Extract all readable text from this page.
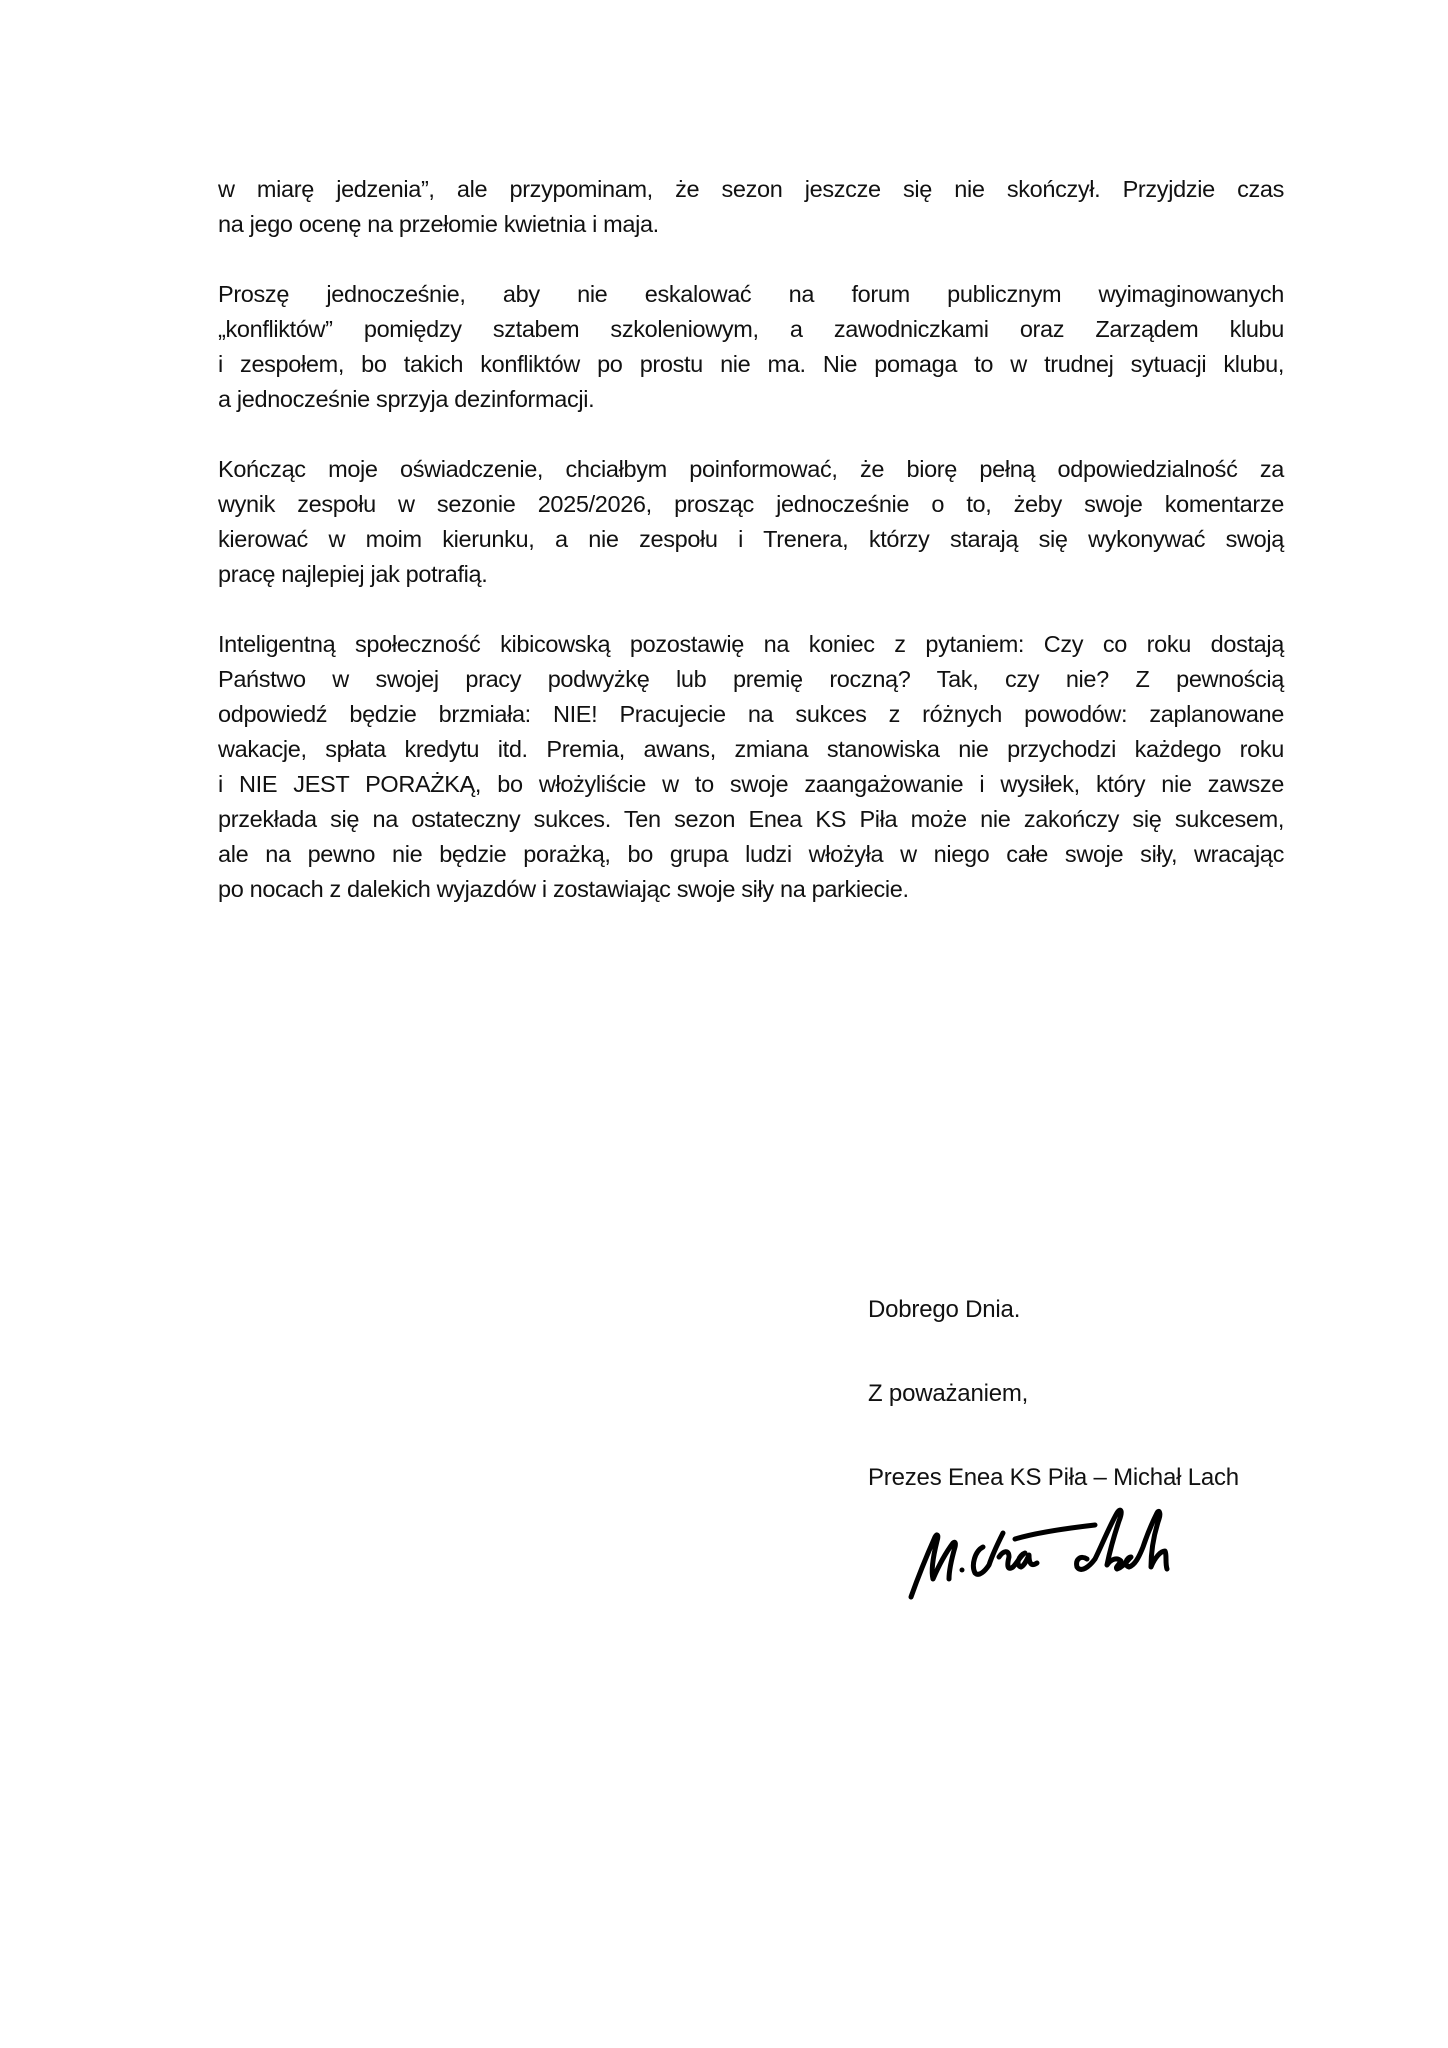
w miarę jedzenia”, ale przypominam, że sezon jeszcze się nie skończył. Przyjdzie czas
na jego ocenę na przełomie kwietnia i maja.

Proszę jednocześnie, aby nie eskalować na forum publicznym wyimaginowanych
„konfliktów” pomiędzy sztabem szkoleniowym, a zawodniczkami oraz Zarządem klubu
i zespołem, bo takich konfliktów po prostu nie ma. Nie pomaga to w trudnej sytuacji klubu,
a jednocześnie sprzyja dezinformacji.

Kończąc moje oświadczenie, chciałbym poinformować, że biorę pełną odpowiedzialność za
wynik zespołu w sezonie 2025/2026, prosząc jednocześnie o to, żeby swoje komentarze
kierować w moim kierunku, a nie zespołu i Trenera, którzy starają się wykonywać swoją
pracę najlepiej jak potrafią.

Inteligentną społeczność kibicowską pozostawię na koniec z pytaniem: Czy co roku dostają
Państwo w swojej pracy podwyżkę lub premię roczną? Tak, czy nie? Z pewnością
odpowiedź będzie brzmiała: NIE! Pracujecie na sukces z różnych powodów: zaplanowane
wakacje, spłata kredytu itd. Premia, awans, zmiana stanowiska nie przychodzi każdego roku
i NIE JEST PORAŻKĄ, bo włożyliście w to swoje zaangażowanie i wysiłek, który nie zawsze
przekłada się na ostateczny sukces. Ten sezon Enea KS Piła może nie zakończy się sukcesem,
ale na pewno nie będzie porażką, bo grupa ludzi włożyła w niego całe swoje siły, wracając
po nocach z dalekich wyjazdów i zostawiając swoje siły na parkiecie.

Dobrego Dnia.
Z poważaniem,
Prezes Enea KS Piła – Michał Lach
